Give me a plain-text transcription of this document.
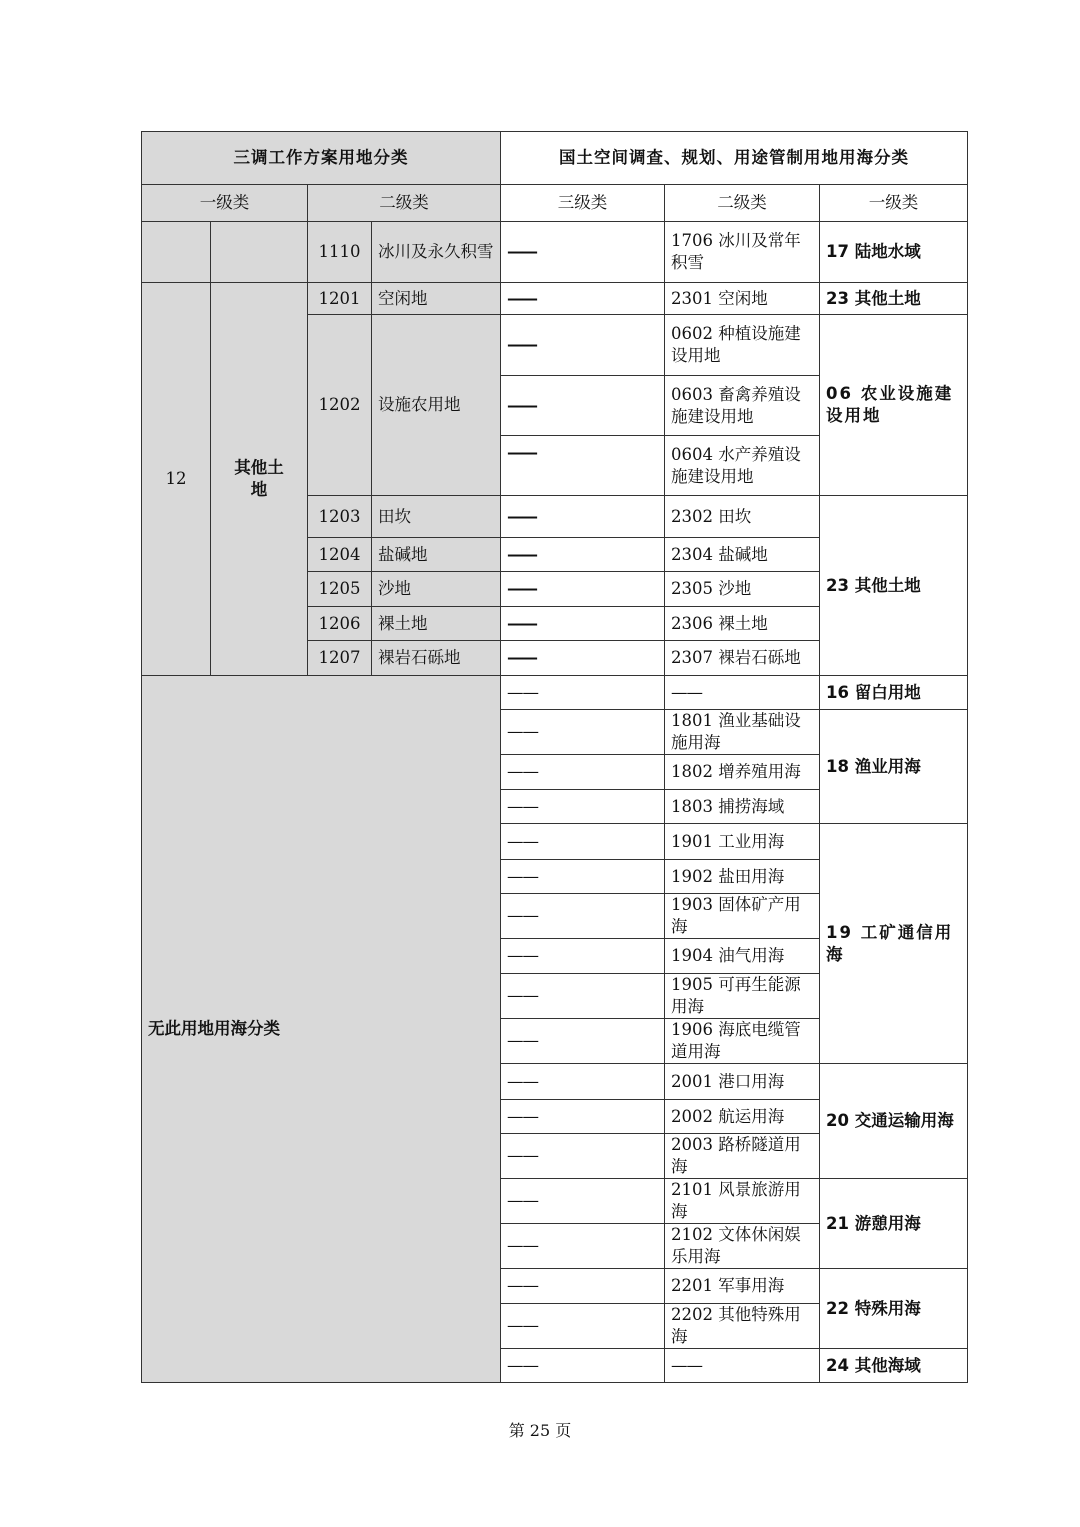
三调工作方案用地分类				国土空间调查、规划、用途管制用地用海分类		
一级类		二级类		三级类	二级类	一级类
		1110	冰川及永久积雪	——	1706 冰川及常年积雪	17 陆地水域
12	其他土地	1201	空闲地	——	2301 空闲地	23 其他土地
		1202	设施农用地	——	0602 种植设施建设用地	06 农业设施建设用地
				——	0603 畜禽养殖设施建设用地	
				——	0604 水产养殖设施建设用地	
		1203	田坎	——	2302 田坎	23 其他土地
		1204	盐碱地	——	2304 盐碱地	
		1205	沙地	——	2305 沙地	
		1206	裸土地	——	2306 裸土地	
		1207	裸岩石砾地	——	2307 裸岩石砾地	
无此用地用海分类				——	——	16 留白用地
				——	1801 渔业基础设施用海	18 渔业用海
				——	1802 增养殖用海	
				——	1803 捕捞海域	
				——	1901 工业用海	19 工矿通信用海
				——	1902 盐田用海	
				——	1903 固体矿产用海	
				——	1904 油气用海	
				——	1905 可再生能源用海	
				——	1906 海底电缆管道用海	
				——	2001 港口用海	20 交通运输用海
				——	2002 航运用海	
				——	2003 路桥隧道用海	
				——	2101 风景旅游用海	21 游憩用海
				——	2102 文体休闲娱乐用海	
				——	2201 军事用海	22 特殊用海
				——	2202 其他特殊用海	
				——	——	24 其他海域
第 25 页
